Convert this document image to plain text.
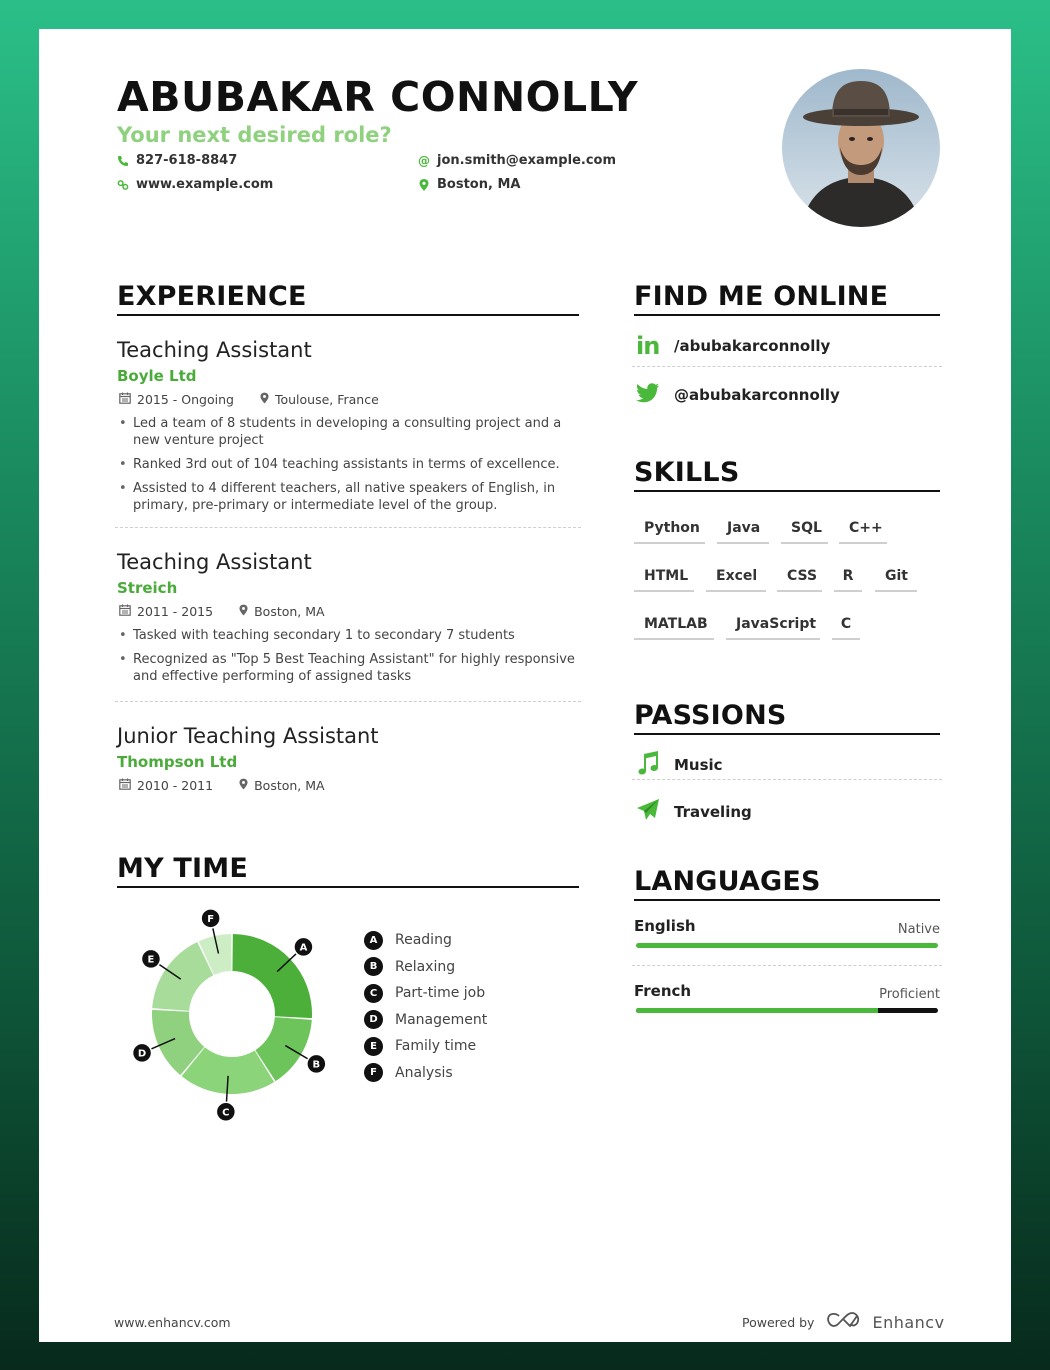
ABUBAKAR CONNOLLY
Your next desired role?
827-618-8847
www.example.com
@ jon.smith@example.com
Boston, MA
EXPERIENCE
Teaching Assistant
Boyle Ltd
2015 - Ongoing	Toulouse, France
• Led a team of 8 students in developing a consulting project and a new venture project
• Ranked 3rd out of 104 teaching assistants in terms of excellence.
• Assisted to 4 different teachers, all native speakers of English, in primary, pre-primary or intermediate level of the group.
Teaching Assistant
Streich
2011 - 2015	Boston, MA
• Tasked with teaching secondary 1 to secondary 7 students
• Recognized as "Top 5 Best Teaching Assistant" for highly responsive and effective performing of assigned tasks
Junior Teaching Assistant
Thompson Ltd
2010 - 2011	Boston, MA
MY TIME
A
B
C
D
E
F
A	Reading
B	Relaxing
C	Part-time job
D	Management
E	Family time
F	Analysis
FIND ME ONLINE
in /abubakarconnolly
@abubakarconnolly
SKILLS
Python	Java	SQL	C++
HTML	Excel	CSS	R	Git
MATLAB	JavaScript	C
PASSIONS
Music
Traveling
LANGUAGES
English	Native
French	Proficient
www.enhancv.com	Powered by	Enhancv
